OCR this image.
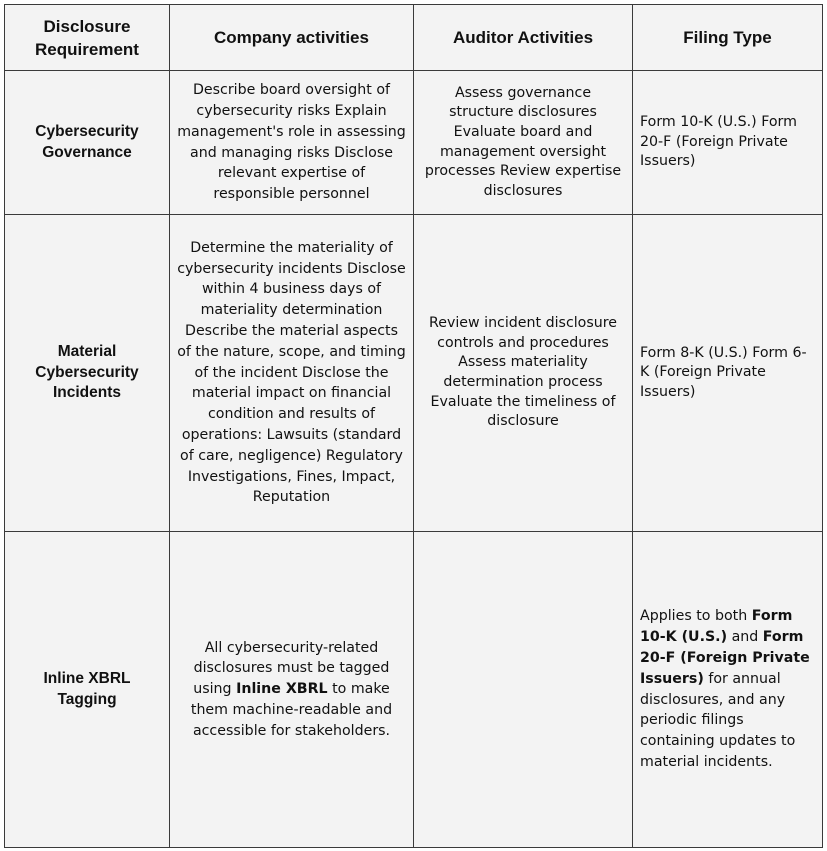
Disclosure Requirement	Company activities	Auditor Activities	Filing Type
Cybersecurity Governance	Describe board oversight of cybersecurity risks Explain management's role in assessing and managing risks Disclose relevant expertise of responsible personnel	Assess governance structure disclosures Evaluate board and management oversight processes Review expertise disclosures	Form 10-K (U.S.) Form 20-F (Foreign Private Issuers)
Material Cybersecurity Incidents	Determine the materiality of cybersecurity incidents Disclose within 4 business days of materiality determination Describe the material aspects of the nature, scope, and timing of the incident Disclose the material impact on financial condition and results of operations: Lawsuits (standard of care, negligence) Regulatory Investigations, Fines, Impact, Reputation	Review incident disclosure controls and procedures Assess materiality determination process Evaluate the timeliness of disclosure	Form 8-K (U.S.) Form 6-K (Foreign Private Issuers)
Inline XBRL Tagging	All cybersecurity-related disclosures must be tagged using Inline XBRL to make them machine-readable and accessible for stakeholders.		Applies to both Form 10-K (U.S.) and Form 20-F (Foreign Private Issuers) for annual disclosures, and any periodic filings containing updates to material incidents.
